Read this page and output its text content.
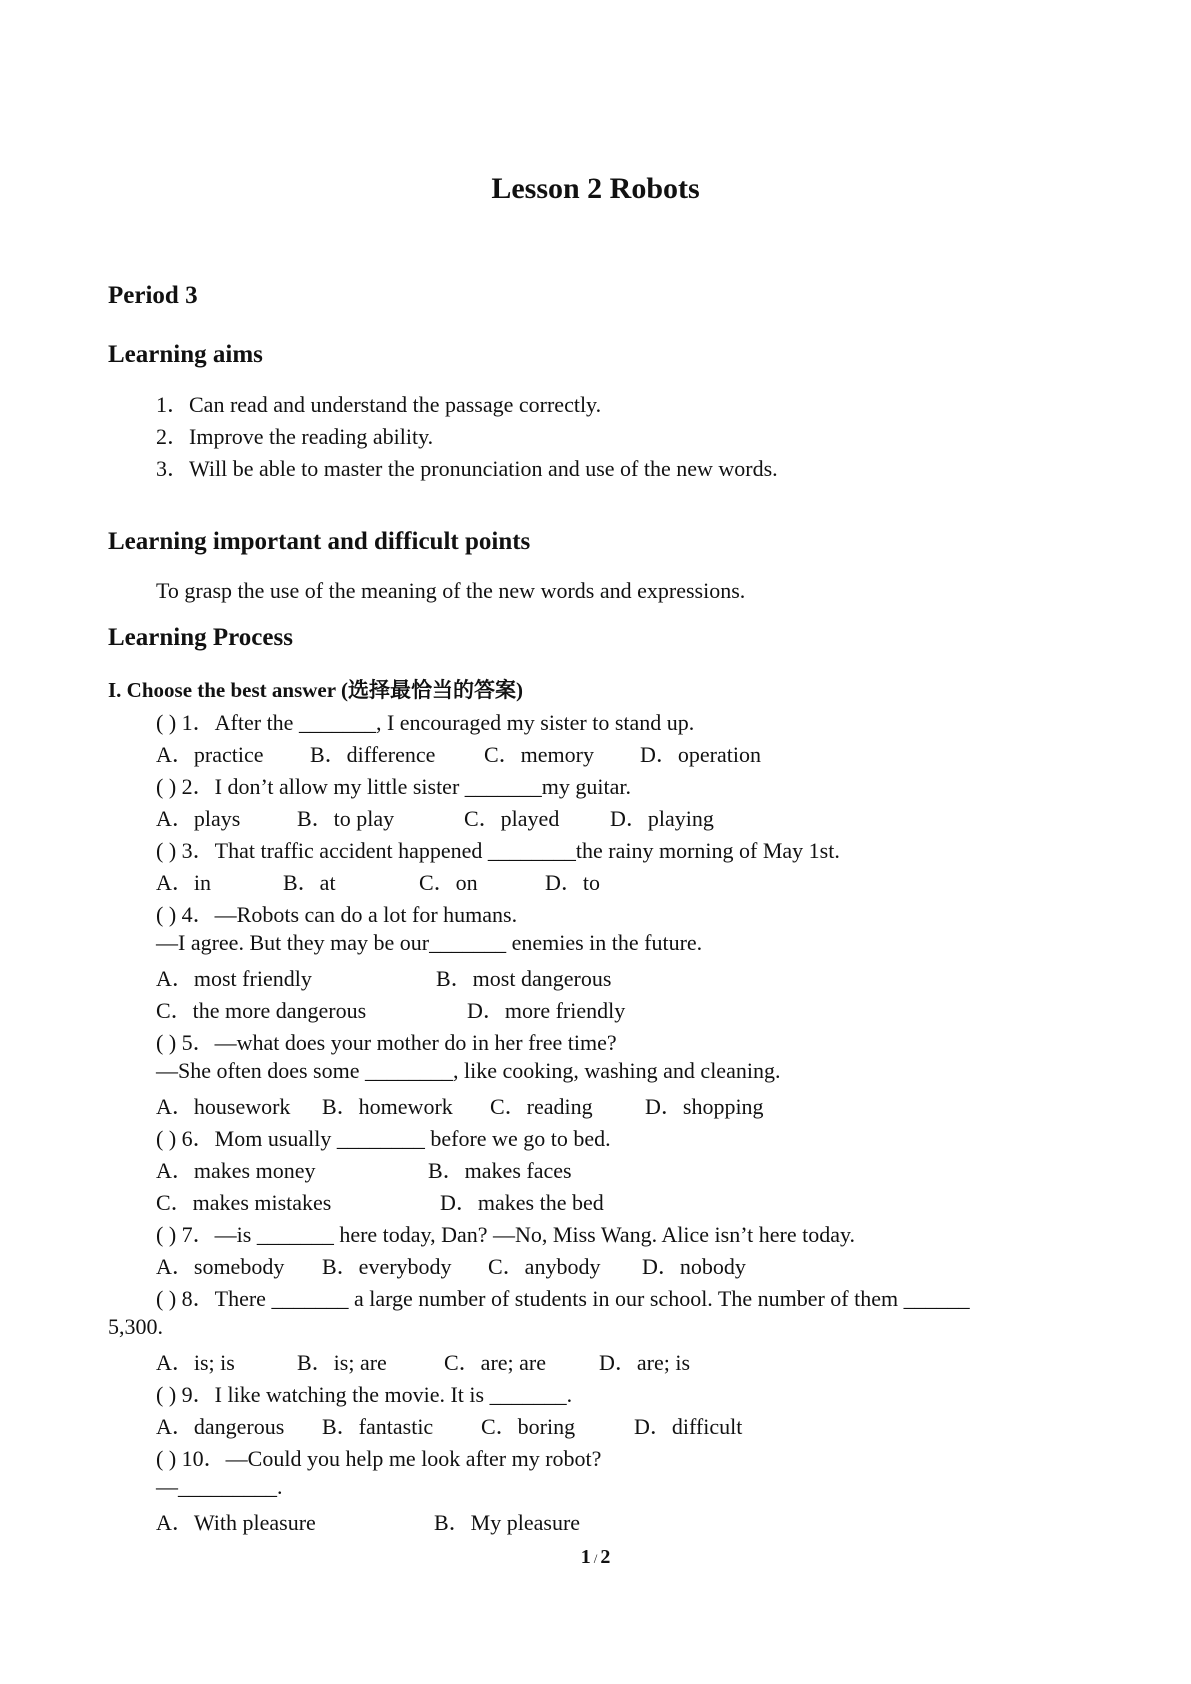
Lesson 2 Robots
Period 3
Learning aims

1．Can read and understand the passage correctly.

2．Improve the reading ability.

3．Will be able to master the pronunciation and use of the new words.

Learning important and difficult points

To grasp the use of the meaning of the new words and expressions.

Learning Process
I. Choose the best answer (选择最恰当的答案)

( ) 1．After the _______, I encouraged my sister to stand up.

A．practice B．difference C．memory D．operation

( ) 2．I don’t allow my little sister _______my guitar.

A．plays	B．to play	C．played D．playing

( ) 3．That traffic accident happened ________the rainy morning of May 1st.

A．in	B．at	C．on	D．to

( ) 4．—Robots can do a lot for humans.

—I agree. But they may be our_______ enemies in the future.

A．most friendly	B．most dangerous

C．the more dangerous	D．more friendly

( ) 5．—what does your mother do in her free time?

—She often does some ________, like cooking, washing and cleaning.

A．housework B．homework C．reading D．shopping

( ) 6．Mom usually ________ before we go to bed.

A．makes money	B．makes faces

C．makes mistakes	D．makes the bed

( ) 7．—is _______ here today, Dan? —No, Miss Wang. Alice isn’t here today.

A．somebody B．everybody C．anybody D．nobody

( ) 8．There _______ a large number of students in our school. The number of them ______

5,300.

A．is; is	B．is; are	C．are; are D．are; is

( ) 9．I like watching the movie. It is _______.

A．dangerous B．fantastic C．boring	D．difficult

( ) 10．—Could you help me look after my robot?

—_________.

A．With pleasure	B．My pleasure

1 / 2
